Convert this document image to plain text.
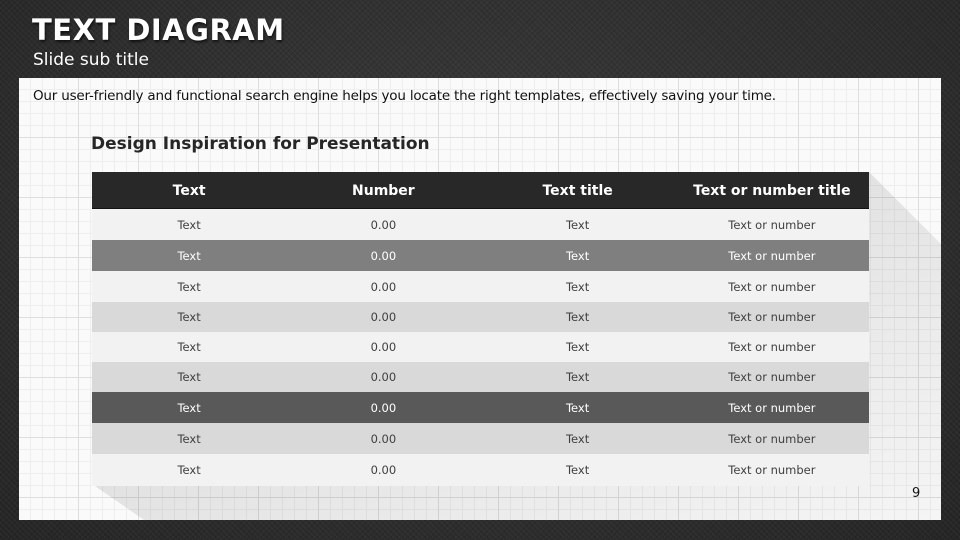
TEXT DIAGRAM

Slide sub title

Our user-friendly and functional search engine helps you locate the right templates, effectively saving your time.

Design Inspiration for Presentation
Text	Number	Text title	Text or number title
Text	0.00	Text	Text or number
Text	0.00	Text	Text or number
Text	0.00	Text	Text or number
Text	0.00	Text	Text or number
Text	0.00	Text	Text or number
Text	0.00	Text	Text or number
Text	0.00	Text	Text or number
Text	0.00	Text	Text or number
Text	0.00	Text	Text or number

9
